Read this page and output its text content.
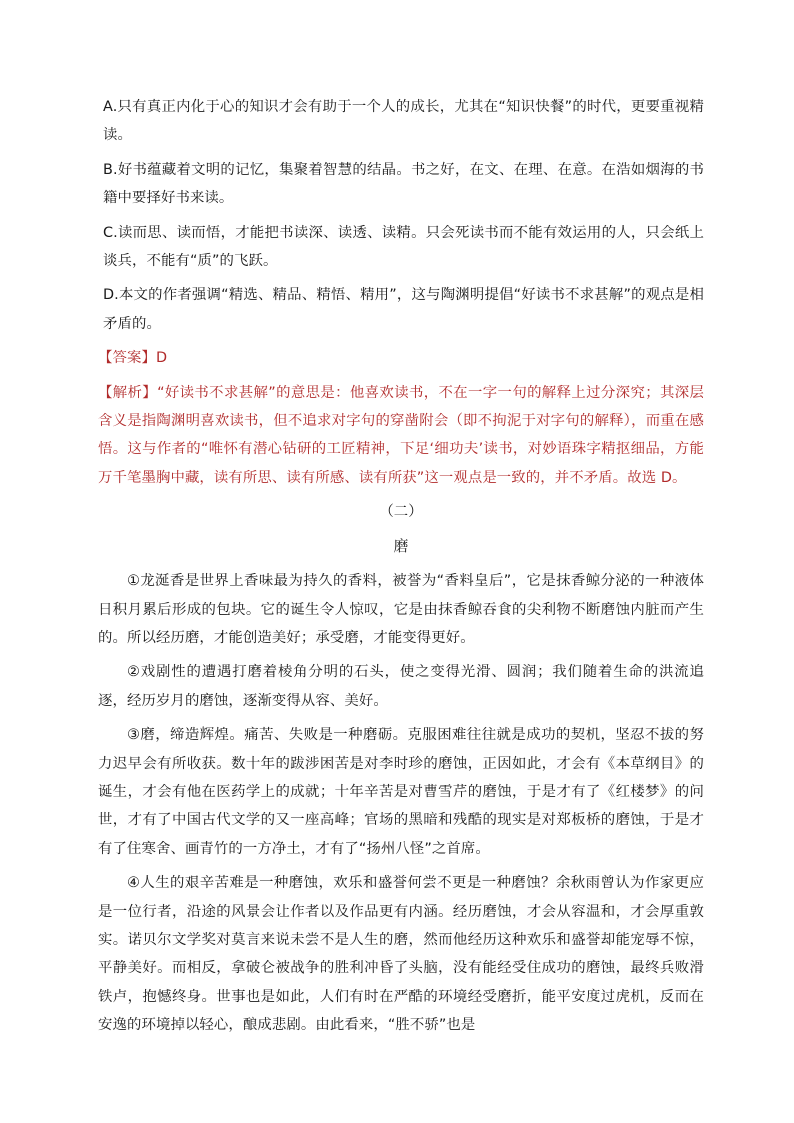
A.只有真正内化于心的知识才会有助于一个人的成长，尤其在“知识快餐”的时代，更要重视精读。

B.好书蕴藏着文明的记忆，集聚着智慧的结晶。书之好，在文、在理、在意。在浩如烟海的书籍中要择好书来读。

C.读而思、读而悟，才能把书读深、读透、读精。只会死读书而不能有效运用的人，只会纸上谈兵，不能有“质”的飞跃。

D.本文的作者强调“精选、精品、精悟、精用”，这与陶渊明提倡“好读书不求甚解”的观点是相矛盾的。

【答案】D

【解析】“好读书不求甚解”的意思是：他喜欢读书，不在一字一句的解释上过分深究；其深层含义是指陶渊明喜欢读书，但不追求对字句的穿凿附会（即不拘泥于对字句的解释），而重在感悟。这与作者的“唯怀有潜心钻研的工匠精神，下足‘细功夫’读书，对妙语珠字精抠细品，方能万千笔墨胸中藏，读有所思、读有所感、读有所获”这一观点是一致的，并不矛盾。故选 D。

（二）
磨

①龙涎香是世界上香味最为持久的香料，被誉为“香料皇后”，它是抹香鲸分泌的一种液体日积月累后形成的包块。它的诞生令人惊叹，它是由抹香鲸吞食的尖利物不断磨蚀内脏而产生的。所以经历磨，才能创造美好；承受磨，才能变得更好。

②戏剧性的遭遇打磨着棱角分明的石头，使之变得光滑、圆润；我们随着生命的洪流追逐，经历岁月的磨蚀，逐渐变得从容、美好。

③磨，缔造辉煌。痛苦、失败是一种磨砺。克服困难往往就是成功的契机，坚忍不拔的努力迟早会有所收获。数十年的跋涉困苦是对李时珍的磨蚀，正因如此，才会有《本草纲目》的诞生，才会有他在医药学上的成就；十年辛苦是对曹雪芹的磨蚀，于是才有了《红楼梦》的问世，才有了中国古代文学的又一座高峰；官场的黑暗和残酷的现实是对郑板桥的磨蚀，于是才有了住寒舍、画青竹的一方净土，才有了“扬州八怪”之首席。

④人生的艰辛苦难是一种磨蚀，欢乐和盛誉何尝不更是一种磨蚀？余秋雨曾认为作家更应是一位行者，沿途的风景会让作者以及作品更有内涵。经历磨蚀，才会从容温和，才会厚重敦实。诺贝尔文学奖对莫言来说未尝不是人生的磨，然而他经历这种欢乐和盛誉却能宠辱不惊，平静美好。而相反，拿破仑被战争的胜利冲昏了头脑，没有能经受住成功的磨蚀，最终兵败滑铁卢，抱憾终身。世事也是如此，人们有时在严酷的环境经受磨折，能平安度过虎机，反而在安逸的环境掉以轻心，酿成悲剧。由此看来，“胜不骄”也是
